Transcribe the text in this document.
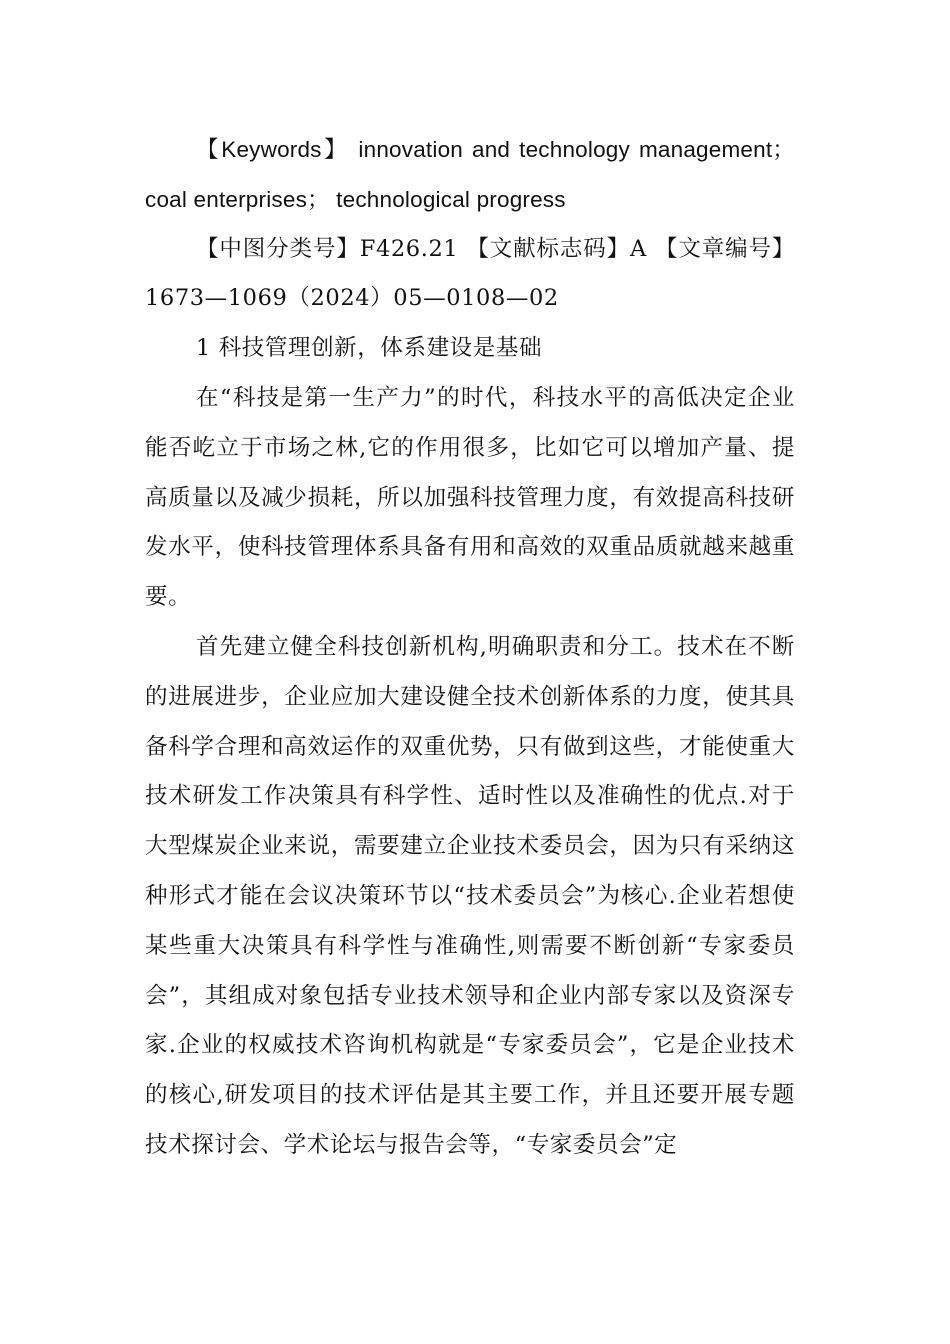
【Keywords】 innovation and technology management； coal enterprises； technological progress

【中图分类号】F426.21 【文献标志码】A 【文章编号】1673—1069（2024）05—0108—02

1 科技管理创新，体系建设是基础

在“科技是第一生产力”的时代，科技水平的高低决定企业能否屹立于市场之林,它的作用很多，比如它可以增加产量、提高质量以及减少损耗，所以加强科技管理力度，有效提高科技研发水平，使科技管理体系具备有用和高效的双重品质就越来越重要。

首先建立健全科技创新机构,明确职责和分工。技术在不断的进展进步，企业应加大建设健全技术创新体系的力度，使其具备科学合理和高效运作的双重优势，只有做到这些，才能使重大技术研发工作决策具有科学性、适时性以及准确性的优点.对于大型煤炭企业来说，需要建立企业技术委员会，因为只有采纳这种形式才能在会议决策环节以“技术委员会”为核心.企业若想使某些重大决策具有科学性与准确性,则需要不断创新“专家委员会”，其组成对象包括专业技术领导和企业内部专家以及资深专家.企业的权威技术咨询机构就是“专家委员会”，它是企业技术的核心,研发项目的技术评估是其主要工作，并且还要开展专题技术探讨会、学术论坛与报告会等，“专家委员会”定
